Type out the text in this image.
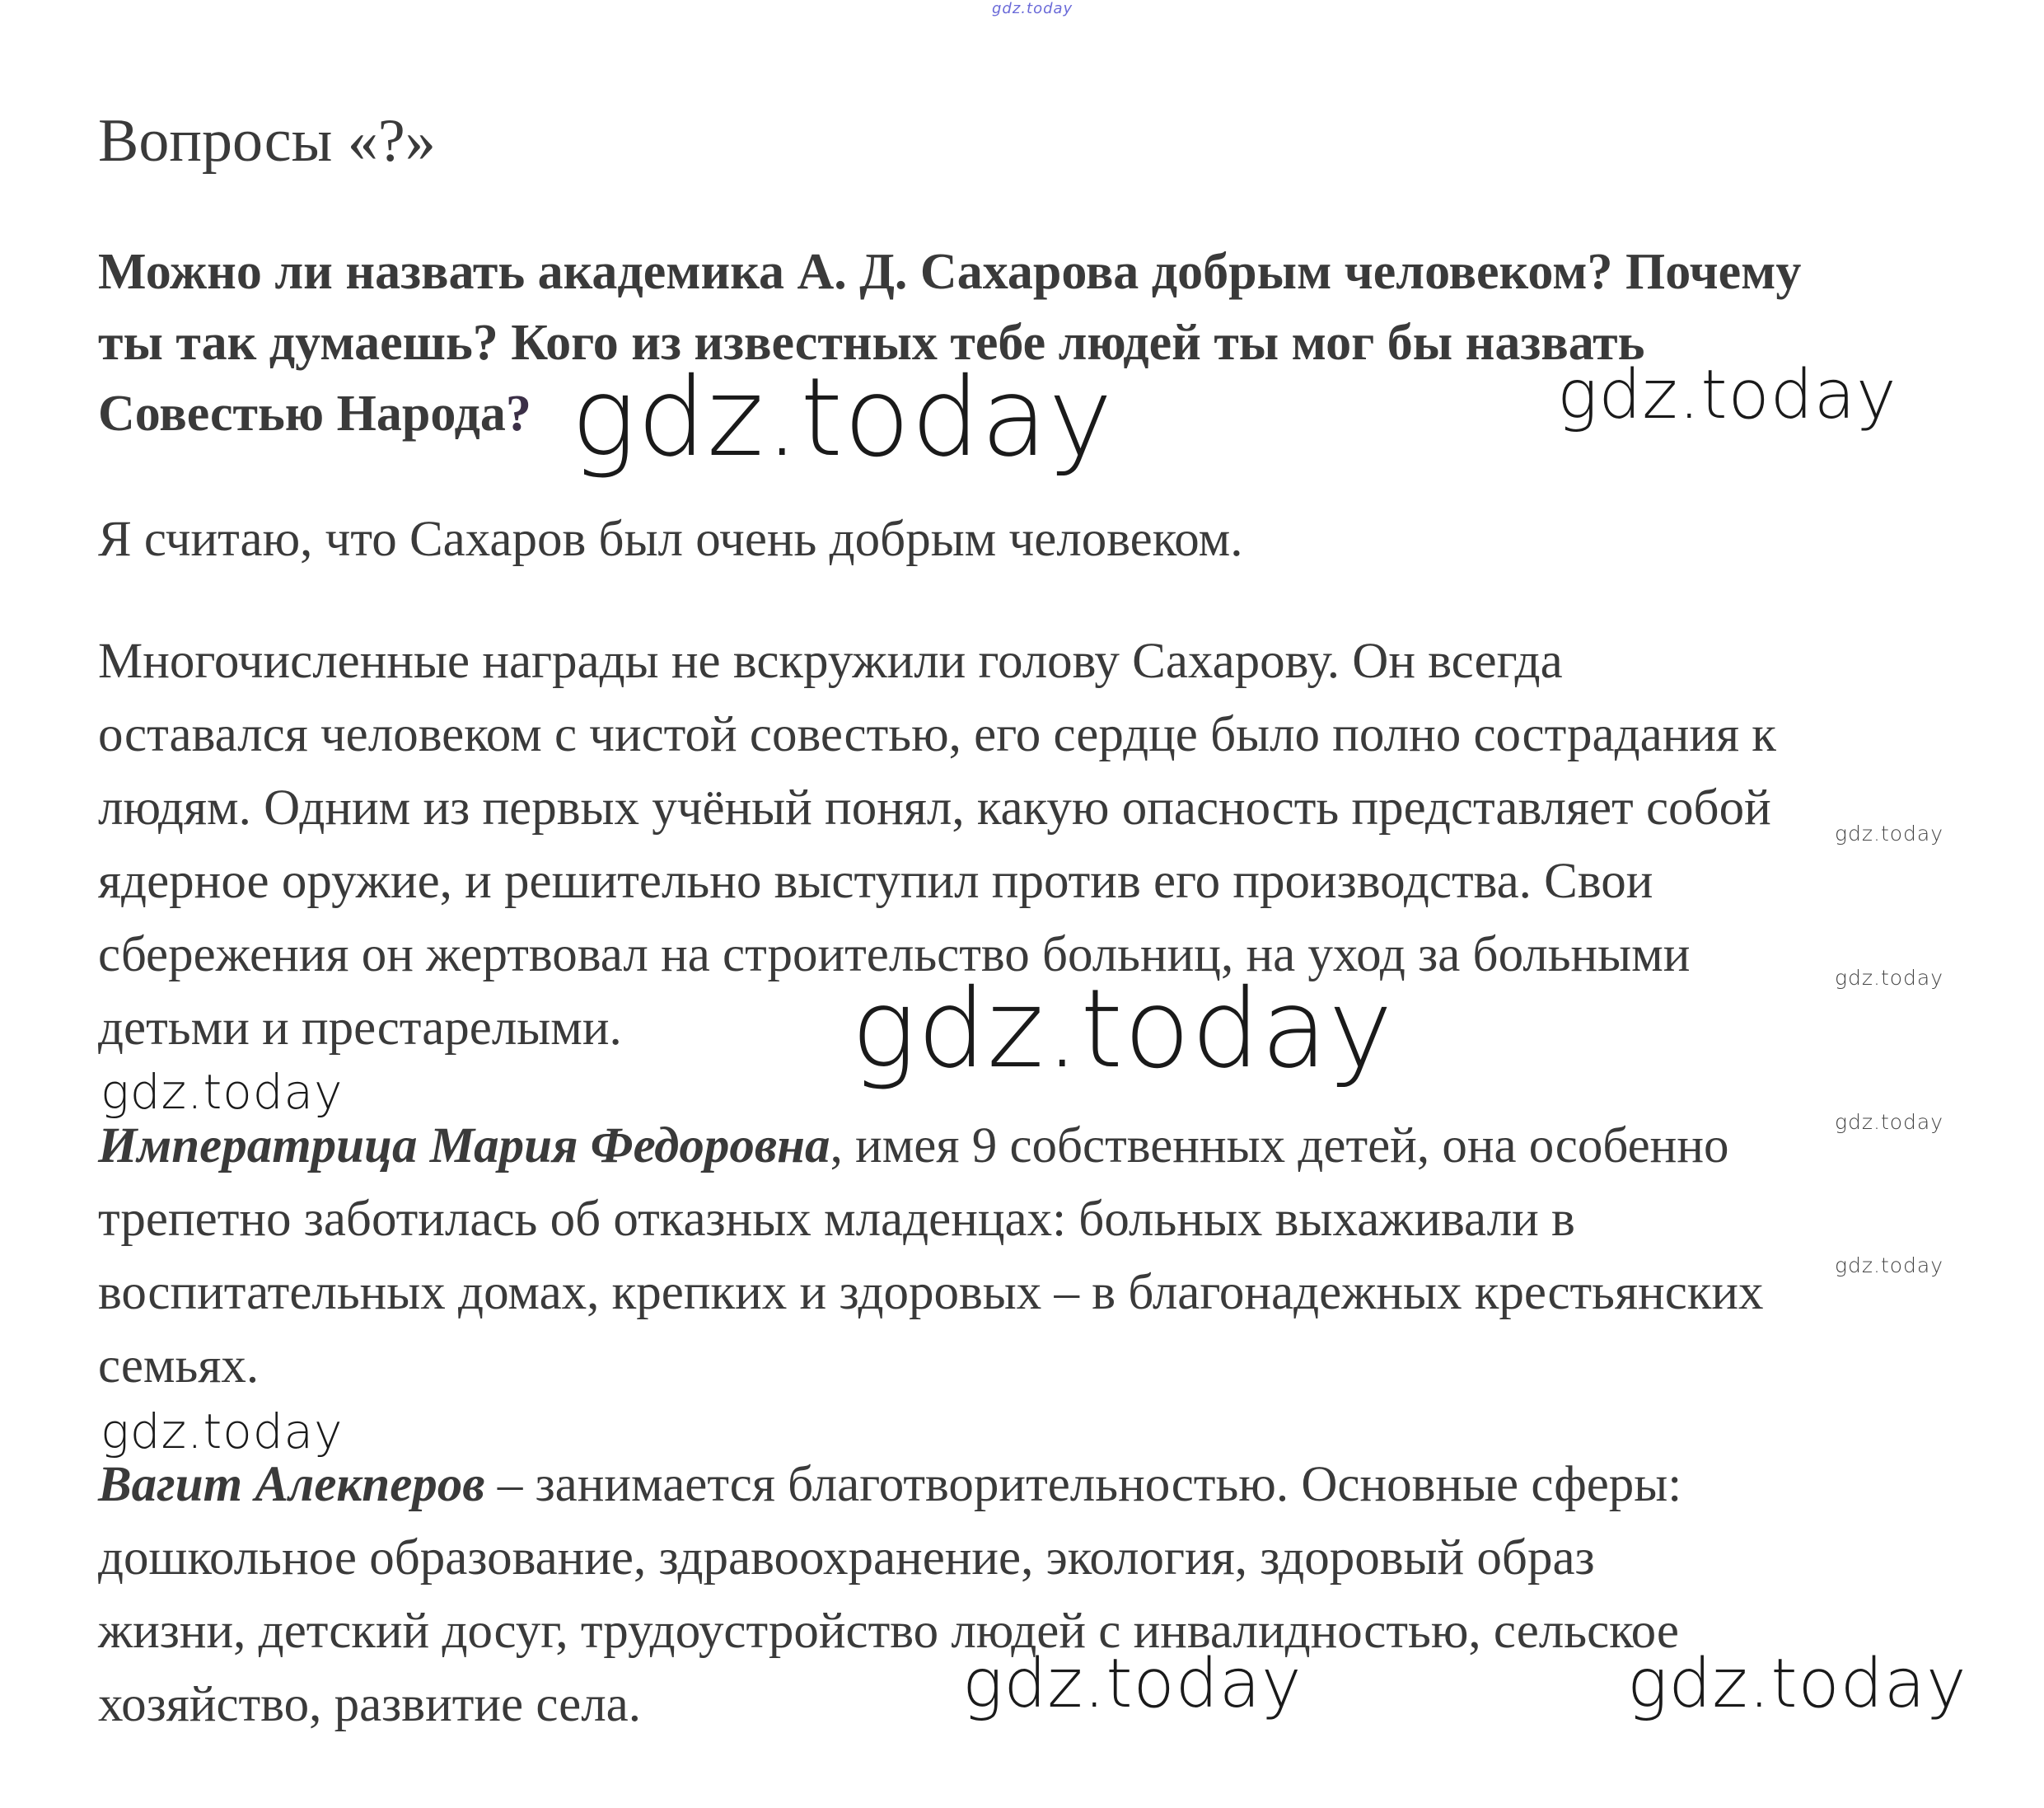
gdz.today
Вопросы «?»
Можно ли назвать академика А. Д. Сахарова добрым человеком? Почему
ты так думаешь? Кого из известных тебе людей ты мог бы назвать
Совестью Народа?
Я считаю, что Сахаров был очень добрым человеком.
Многочисленные награды не вскружили голову Сахарову. Он всегда
оставался человеком с чистой совестью, его сердце было полно сострадания к
людям. Одним из первых учёный понял, какую опасность представляет собой
ядерное оружие, и решительно выступил против его производства. Свои
сбережения он жертвовал на строительство больниц, на уход за больными
детьми и престарелыми.
Императрица Мария Федоровна, имея 9 собственных детей, она особенно
трепетно заботилась об отказных младенцах: больных выхаживали в
воспитательных домах, крепких и здоровых – в благонадежных крестьянских
семьях.
Вагит Алекперов – занимается благотворительностью. Основные сферы:
дошкольное образование, здравоохранение, экология, здоровый образ
жизни, детский досуг, трудоустройство людей с инвалидностью, сельское
хозяйство, развитие села.
gdz.today	gdz.today
gdz.today
gdz.today
gdz.today
gdz.today
gdz.today
gdz.today
gdz.today
gdz.today	gdz.today
